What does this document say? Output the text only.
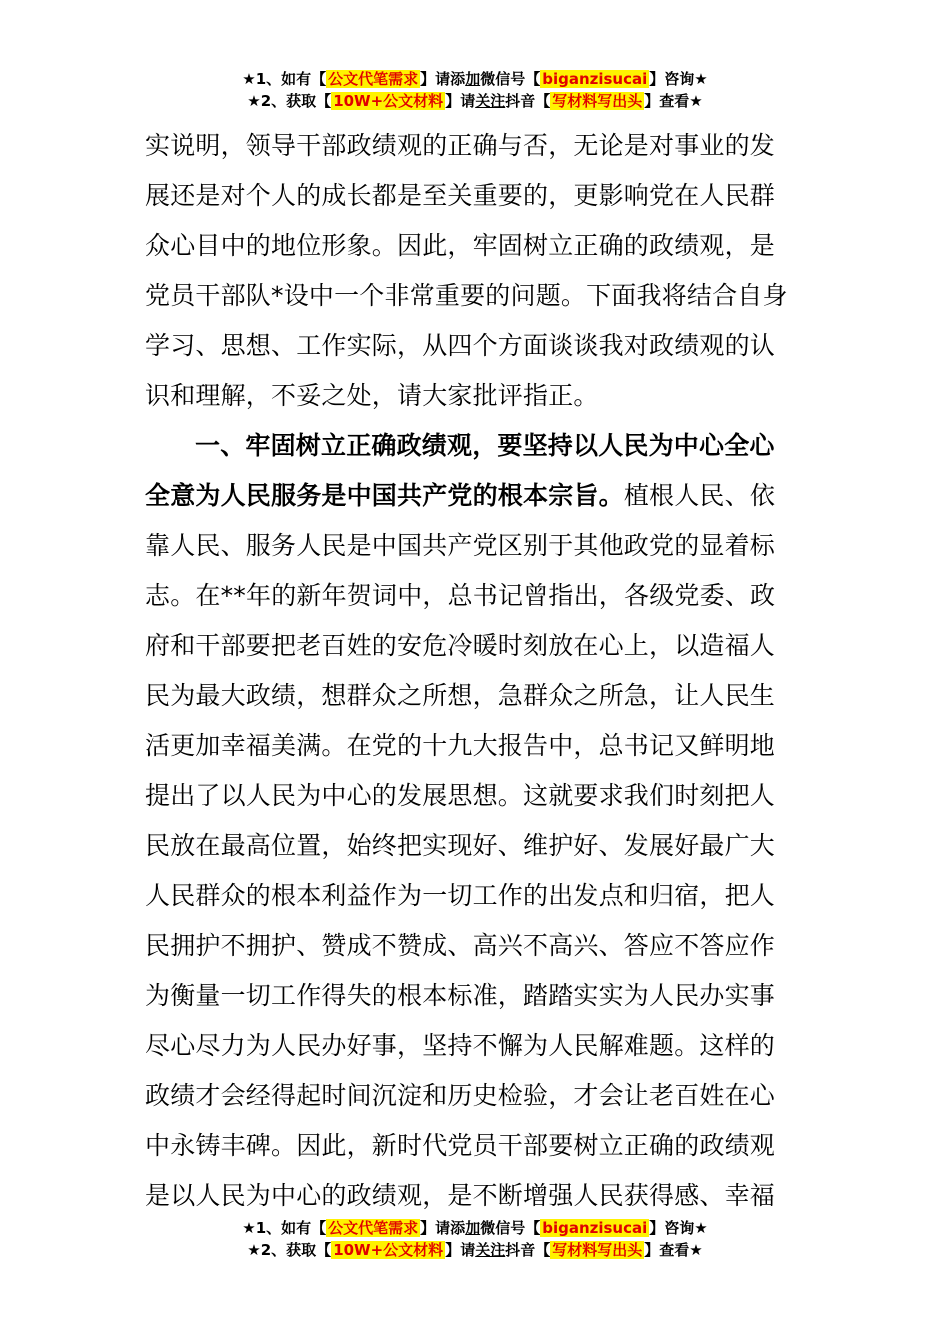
★1、如有【 公文代笔需求 】请添加微信号【 biganzisucai 】咨询★
★2、获取【 10W+公文材料 】请关注抖音【 写材料写出头 】查看★
实说明，领导干部政绩观的正确与否，无论是对事业的发
展还是对个人的成长都是至关重要的，更影响党在人民群
众心目中的地位形象。因此，牢固树立正确的政绩观，是
党员干部队*设中一个非常重要的问题。下面我将结合自身
学习、思想、工作实际，从四个方面谈谈我对政绩观的认
识和理解，不妥之处，请大家批评指正。
一、牢固树立正确政绩观，要坚持以人民为中心全心
全意为人民服务是中国共产党的根本宗旨。植根人民、依
靠人民、服务人民是中国共产党区别于其他政党的显着标
志。在**年的新年贺词中，总书记曾指出，各级党委、政
府和干部要把老百姓的安危冷暖时刻放在心上，以造福人
民为最大政绩，想群众之所想，急群众之所急，让人民生
活更加幸福美满。在党的十九大报告中，总书记又鲜明地
提出了以人民为中心的发展思想。这就要求我们时刻把人
民放在最高位置，始终把实现好、维护好、发展好最广大
人民群众的根本利益作为一切工作的出发点和归宿，把人
民拥护不拥护、赞成不赞成、高兴不高兴、答应不答应作
为衡量一切工作得失的根本标准，踏踏实实为人民办实事
尽心尽力为人民办好事，坚持不懈为人民解难题。这样的
政绩才会经得起时间沉淀和历史检验，才会让老百姓在心
中永铸丰碑。因此，新时代党员干部要树立正确的政绩观
是以人民为中心的政绩观，是不断增强人民获得感、幸福
★1、如有【 公文代笔需求 】请添加微信号【 biganzisucai 】咨询★
★2、获取【 10W+公文材料 】请关注抖音【 写材料写出头 】查看★
